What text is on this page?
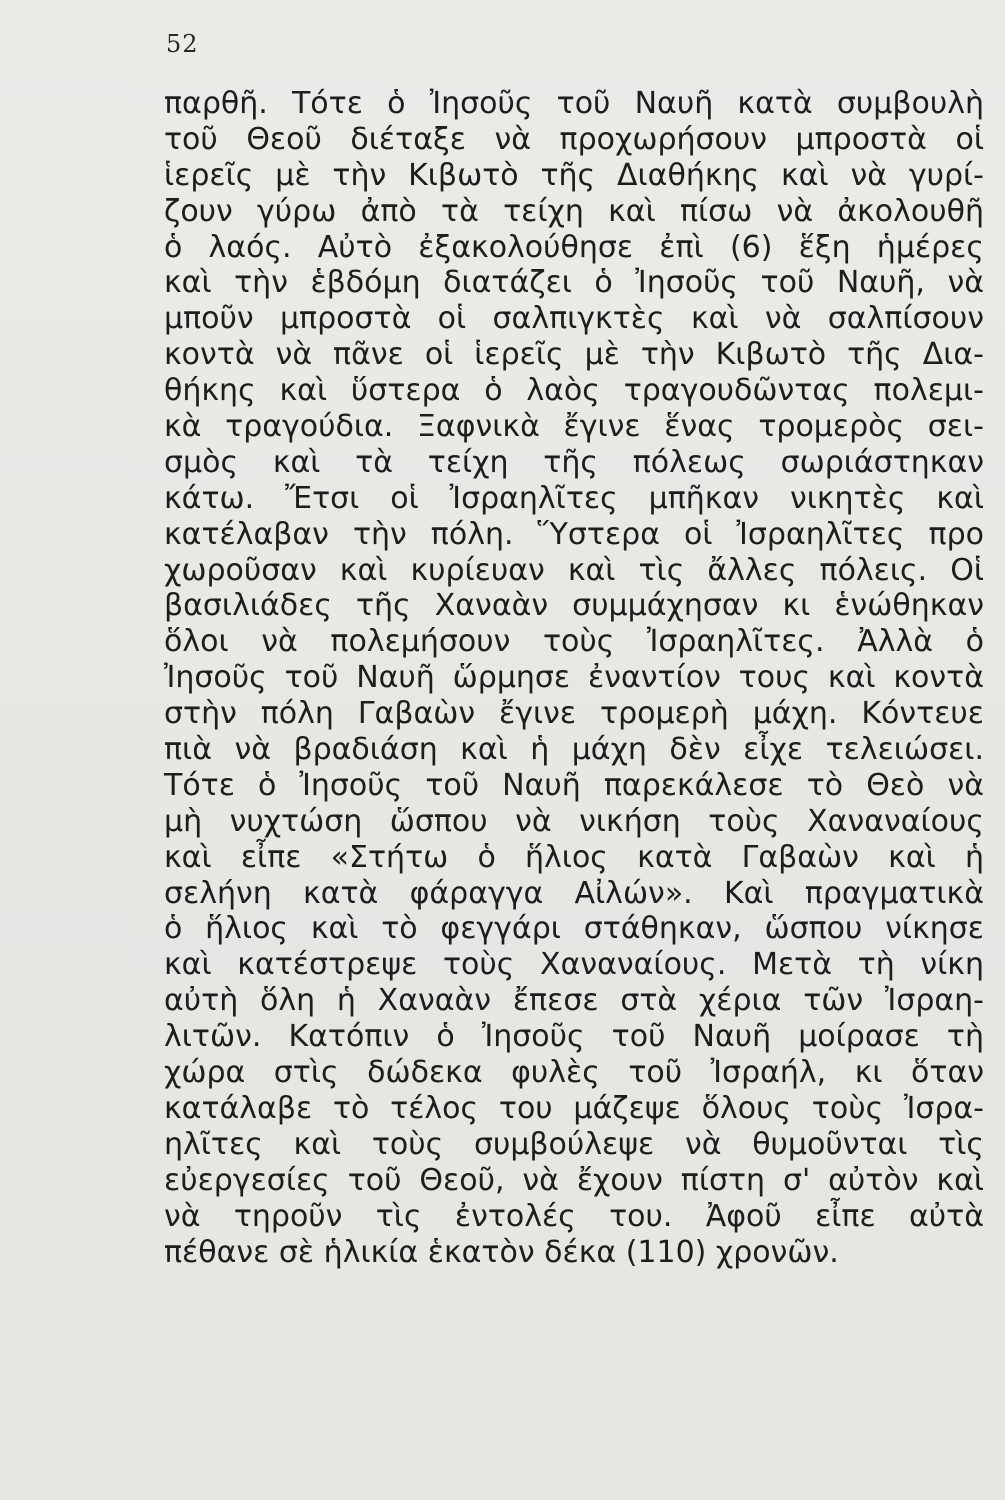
52
παρθῆ. Τότε ὁ Ἰησοῦς τοῦ Ναυῆ κατὰ συμβουλὴ
τοῦ Θεοῦ διέταξε νὰ προχωρήσουν μπροστὰ οἱ
ἱερεῖς μὲ τὴν Κιβωτὸ τῆς Διαθήκης καὶ νὰ γυρί-
ζουν γύρω ἀπὸ τὰ τείχη καὶ πίσω νὰ ἀκολουθῆ
ὁ λαός. Αὐτὸ ἐξακολούθησε ἐπὶ (6) ἕξη ἡμέρες
καὶ τὴν ἑβδόμη διατάζει ὁ Ἰησοῦς τοῦ Ναυῆ, νὰ
μποῦν μπροστὰ οἱ σαλπιγκτὲς καὶ νὰ σαλπίσουν
κοντὰ νὰ πᾶνε οἱ ἱερεῖς μὲ τὴν Κιβωτὸ τῆς Δια-
θήκης καὶ ὕστερα ὁ λαὸς τραγουδῶντας πολεμι-
κὰ τραγούδια. Ξαφνικὰ ἔγινε ἕνας τρομερὸς σει-
σμὸς καὶ τὰ τείχη τῆς πόλεως σωριάστηκαν
κάτω. Ἔτσι οἱ Ἰσραηλῖτες μπῆκαν νικητὲς καὶ
κατέλαβαν τὴν πόλη. Ὕστερα οἱ Ἰσραηλῖτες προ
χωροῦσαν καὶ κυρίευαν καὶ τὶς ἄλλες πόλεις. Οἱ
βασιλιάδες τῆς Χαναὰν συμμάχησαν κι ἑνώθηκαν
ὅλοι νὰ πολεμήσουν τοὺς Ἰσραηλῖτες. Ἀλλὰ ὁ
Ἰησοῦς τοῦ Ναυῆ ὥρμησε ἐναντίον τους καὶ κοντὰ
στὴν πόλη Γαβαὼν ἔγινε τρομερὴ μάχη. Κόντευε
πιὰ νὰ βραδιάση καὶ ἡ μάχη δὲν εἶχε τελειώσει.
Τότε ὁ Ἰησοῦς τοῦ Ναυῆ παρεκάλεσε τὸ Θεὸ νὰ
μὴ νυχτώση ὥσπου νὰ νικήση τοὺς Χαναναίους
καὶ εἶπε «Στήτω ὁ ἥλιος κατὰ Γαβαὼν καὶ ἡ
σελήνη κατὰ φάραγγα Αἰλών». Καὶ πραγματικὰ
ὁ ἥλιος καὶ τὸ φεγγάρι στάθηκαν, ὥσπου νίκησε
καὶ κατέστρεψε τοὺς Χαναναίους. Μετὰ τὴ νίκη
αὐτὴ ὅλη ἡ Χαναὰν ἔπεσε στὰ χέρια τῶν Ἰσραη-
λιτῶν. Κατόπιν ὁ Ἰησοῦς τοῦ Ναυῆ μοίρασε τὴ
χώρα στὶς δώδεκα φυλὲς τοῦ Ἰσραήλ, κι ὅταν
κατάλαβε τὸ τέλος του μάζεψε ὅλους τοὺς Ἰσρα-
ηλῖτες καὶ τοὺς συμβούλεψε νὰ θυμοῦνται τὶς
εὐεργεσίες τοῦ Θεοῦ, νὰ ἔχουν πίστη σ' αὐτὸν καὶ
νὰ τηροῦν τὶς ἐντολές του. Ἀφοῦ εἶπε αὐτὰ
πέθανε σὲ ἡλικία ἑκατὸν δέκα (110) χρονῶν.
